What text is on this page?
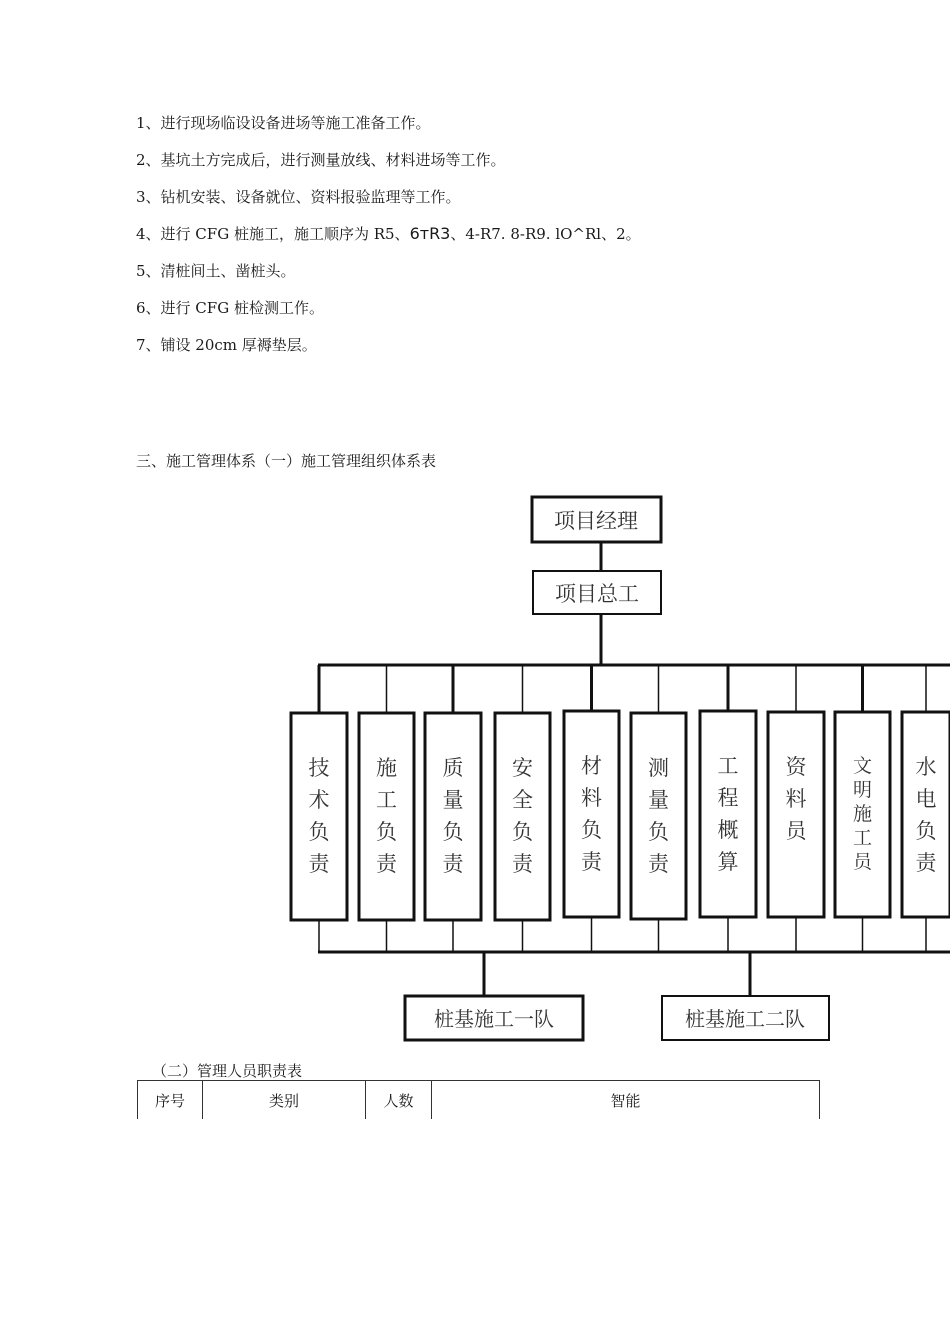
1、进行现场临设设备进场等施工准备工作。
2、基坑土方完成后，进行测量放线、材料进场等工作。
3、钻机安装、设备就位、资料报验监理等工作。
4、进行 CFG 桩施工，施工顺序为 R5、6тR3、4-R7. 8-R9. lO^Rl、2。
5、清桩间土、凿桩头。
6、进行 CFG 桩检测工作。
7、铺设 20cm 厚褥垫层。
三、施工管理体系（一）施工管理组织体系表
项目经理
项目总工
技
术
负
责
施
工
负
责
质
量
负
责
安
全
负
责
材
料
负
责
测
量
负
责
工
程
概
算
资
料
员
文
明
施
工
员
水
电
负
责
桩基施工一队	桩基施工二队
（二）管理人员职责表
序号	类别	人数	智能
